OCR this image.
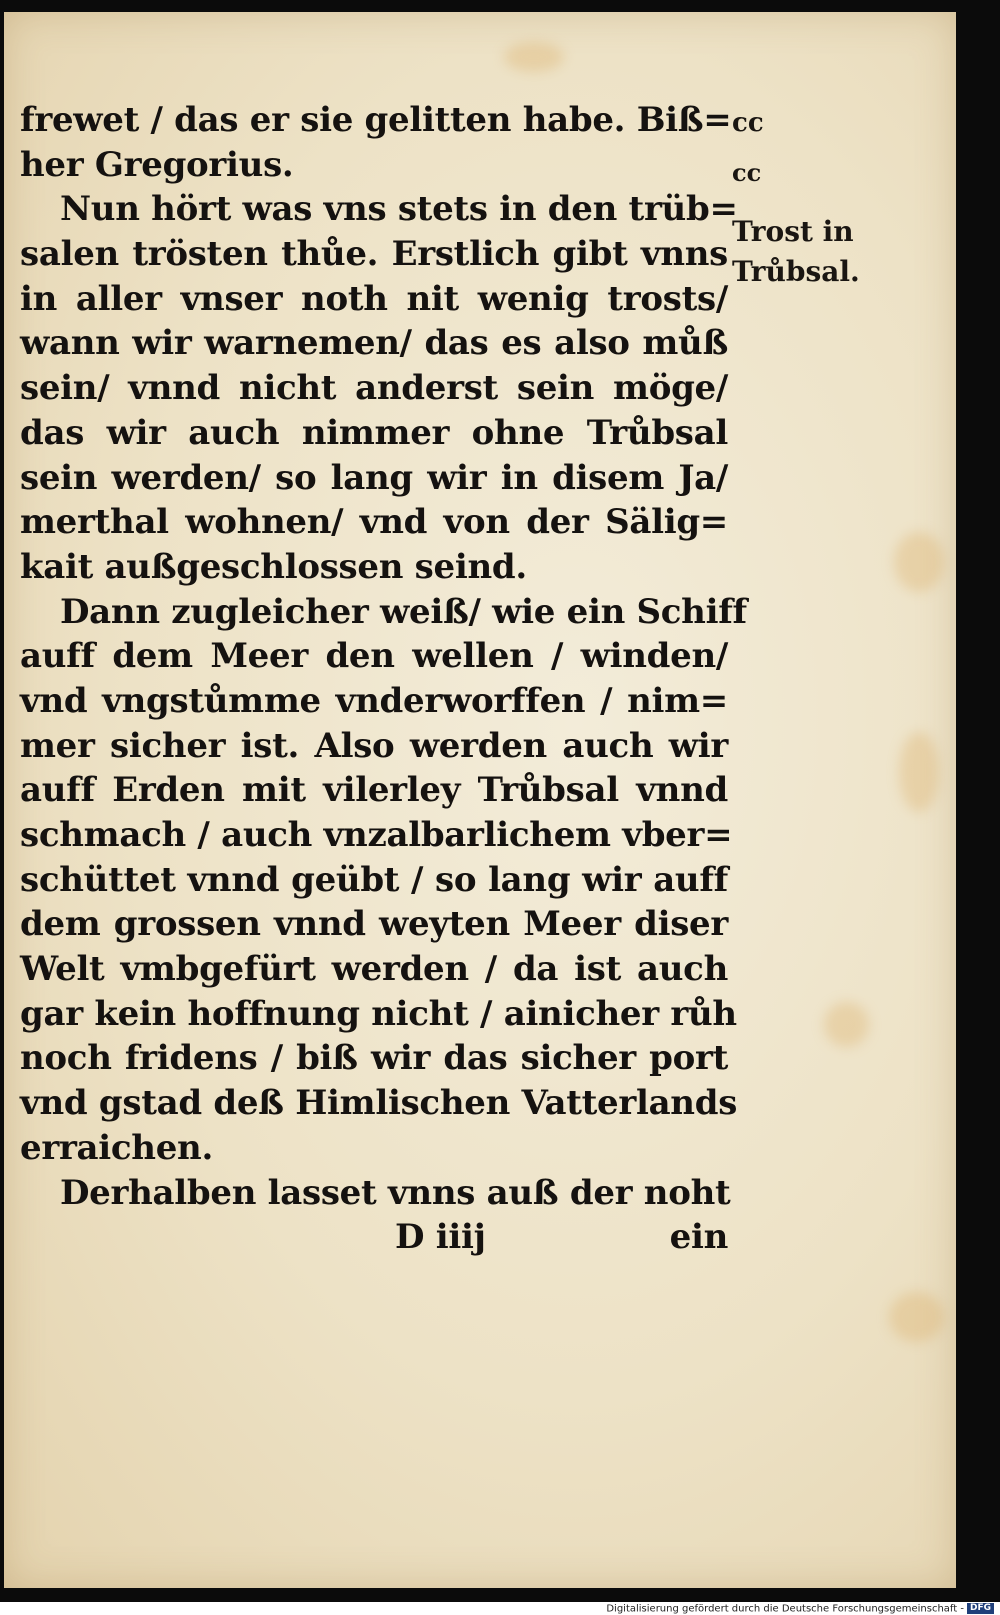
frewet / das er sie gelitten habe. Biß=
her Gregorius.
Nun hört was vns stets in den trüb=
salen trösten thůe. Erstlich gibt vnns
in aller vnser noth nit wenig trosts/
wann wir warnemen/ das es also můß
sein/ vnnd nicht anderst sein möge/
das wir auch nimmer ohne Trůbsal
sein werden/ so lang wir in disem Ja/
merthal wohnen/ vnd von der Sälig=
kait außgeschlossen seind.
Dann zugleicher weiß/ wie ein Schiff
auff dem Meer den wellen / winden/
vnd vngstůmme vnderworffen / nim=
mer sicher ist. Also werden auch wir
auff Erden mit vilerley Trůbsal vnnd
schmach / auch vnzalbarlichem vber=
schüttet vnnd geübt / so lang wir auff
dem grossen vnnd weyten Meer diser
Welt vmbgefürt werden / da ist auch
gar kein hoffnung nicht / ainicher růh
noch fridens / biß wir das sicher port
vnd gstad deß Himlischen Vatterlands
erraichen.
Derhalben lasset vnns auß der noht
D iiij	ein
cc
cc
Trost in
Trůbsal.
Digitalisierung gefördert durch die Deutsche Forschungsgemeinschaft - DFG
